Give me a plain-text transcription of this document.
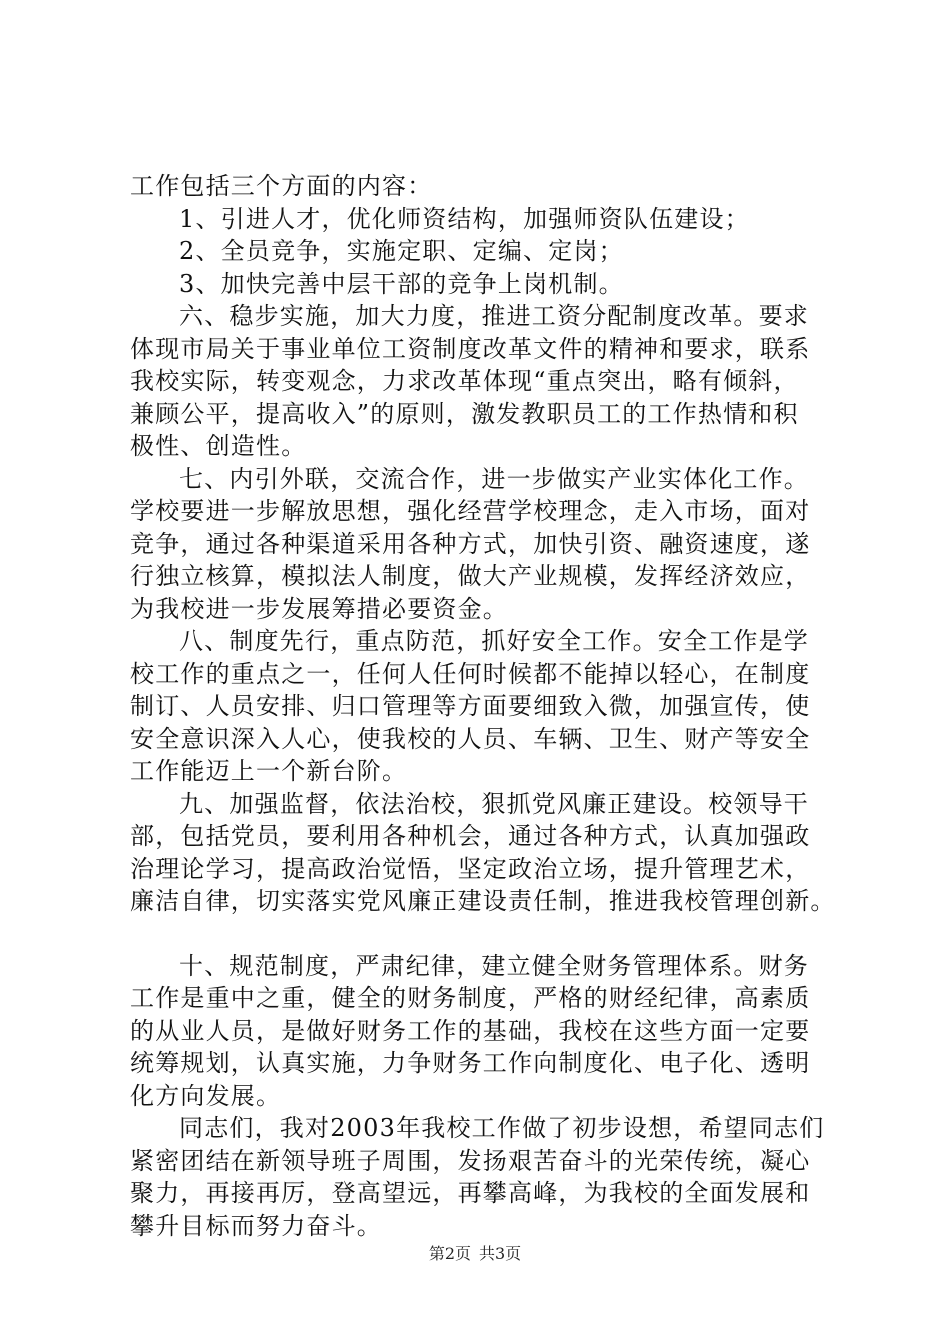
工作包括三个方面的内容：

1、引进人才，优化师资结构，加强师资队伍建设；

2、全员竞争，实施定职、定编、定岗；

3、加快完善中层干部的竞争上岗机制。

六、稳步实施，加大力度，推进工资分配制度改革。要求

体现市局关于事业单位工资制度改革文件的精神和要求，联系

我校实际，转变观念，力求改革体现“重点突出，略有倾斜，

兼顾公平，提高收入”的原则，激发教职员工的工作热情和积

极性、创造性。

七、内引外联，交流合作，进一步做实产业实体化工作。

学校要进一步解放思想，强化经营学校理念，走入市场，面对

竞争，通过各种渠道采用各种方式，加快引资、融资速度，遂

行独立核算，模拟法人制度，做大产业规模，发挥经济效应，

为我校进一步发展筹措必要资金。

八、制度先行，重点防范，抓好安全工作。安全工作是学

校工作的重点之一，任何人任何时候都不能掉以轻心，在制度

制订、人员安排、归口管理等方面要细致入微，加强宣传，使

安全意识深入人心，使我校的人员、车辆、卫生、财产等安全

工作能迈上一个新台阶。

九、加强监督，依法治校，狠抓党风廉正建设。校领导干

部，包括党员，要利用各种机会，通过各种方式，认真加强政

治理论学习，提高政治觉悟，坚定政治立场，提升管理艺术，

廉洁自律，切实落实党风廉正建设责任制，推进我校管理创新。

十、规范制度，严肃纪律，建立健全财务管理体系。财务

工作是重中之重，健全的财务制度，严格的财经纪律，高素质

的从业人员，是做好财务工作的基础，我校在这些方面一定要

统筹规划，认真实施，力争财务工作向制度化、电子化、透明

化方向发展。

同志们，我对2003年我校工作做了初步设想，希望同志们

紧密团结在新领导班子周围，发扬艰苦奋斗的光荣传统，凝心

聚力，再接再厉，登高望远，再攀高峰，为我校的全面发展和

攀升目标而努力奋斗。

第2页 共3页
